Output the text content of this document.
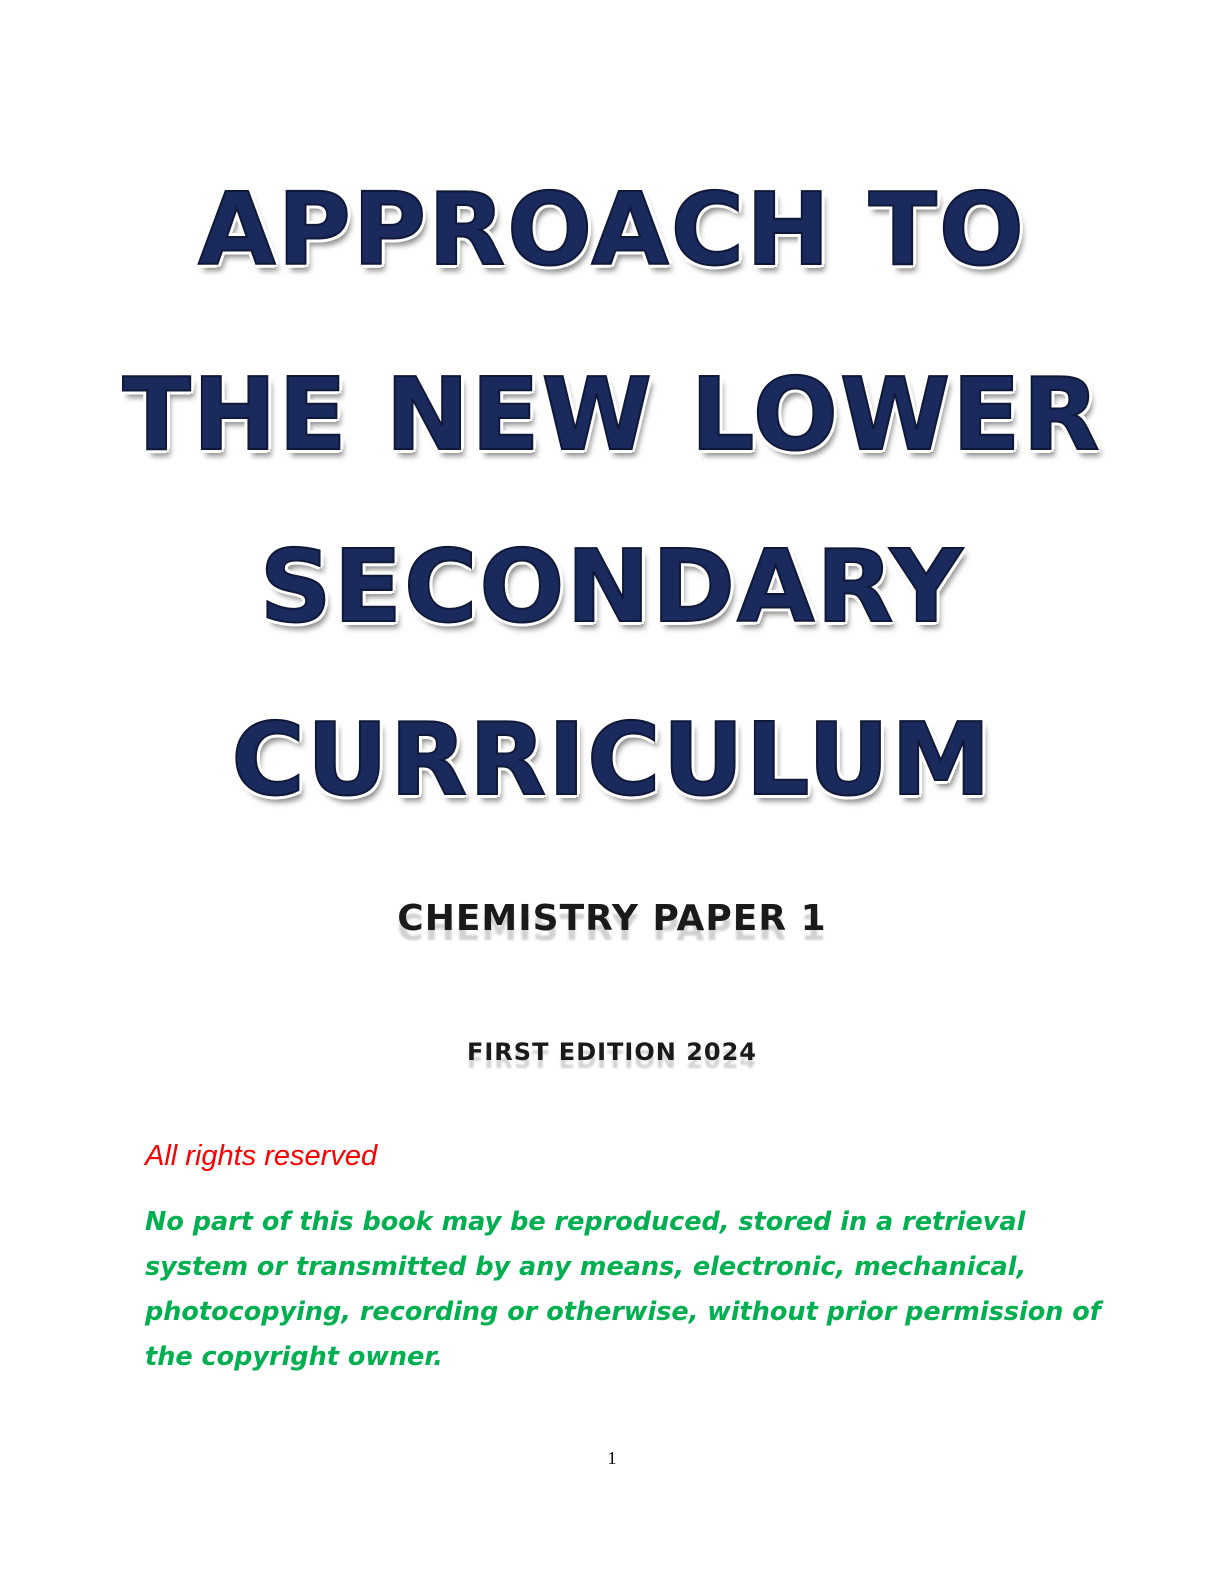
APPROACH TO
THE NEW LOWER
SECONDARY
CURRICULUM
CHEMISTRY PAPER 1
FIRST EDITION 2024
All rights reserved
No part of this book may be reproduced, stored in a retrieval
system or transmitted by any means, electronic, mechanical,
photocopying, recording or otherwise, without prior permission of
the copyright owner.
1
